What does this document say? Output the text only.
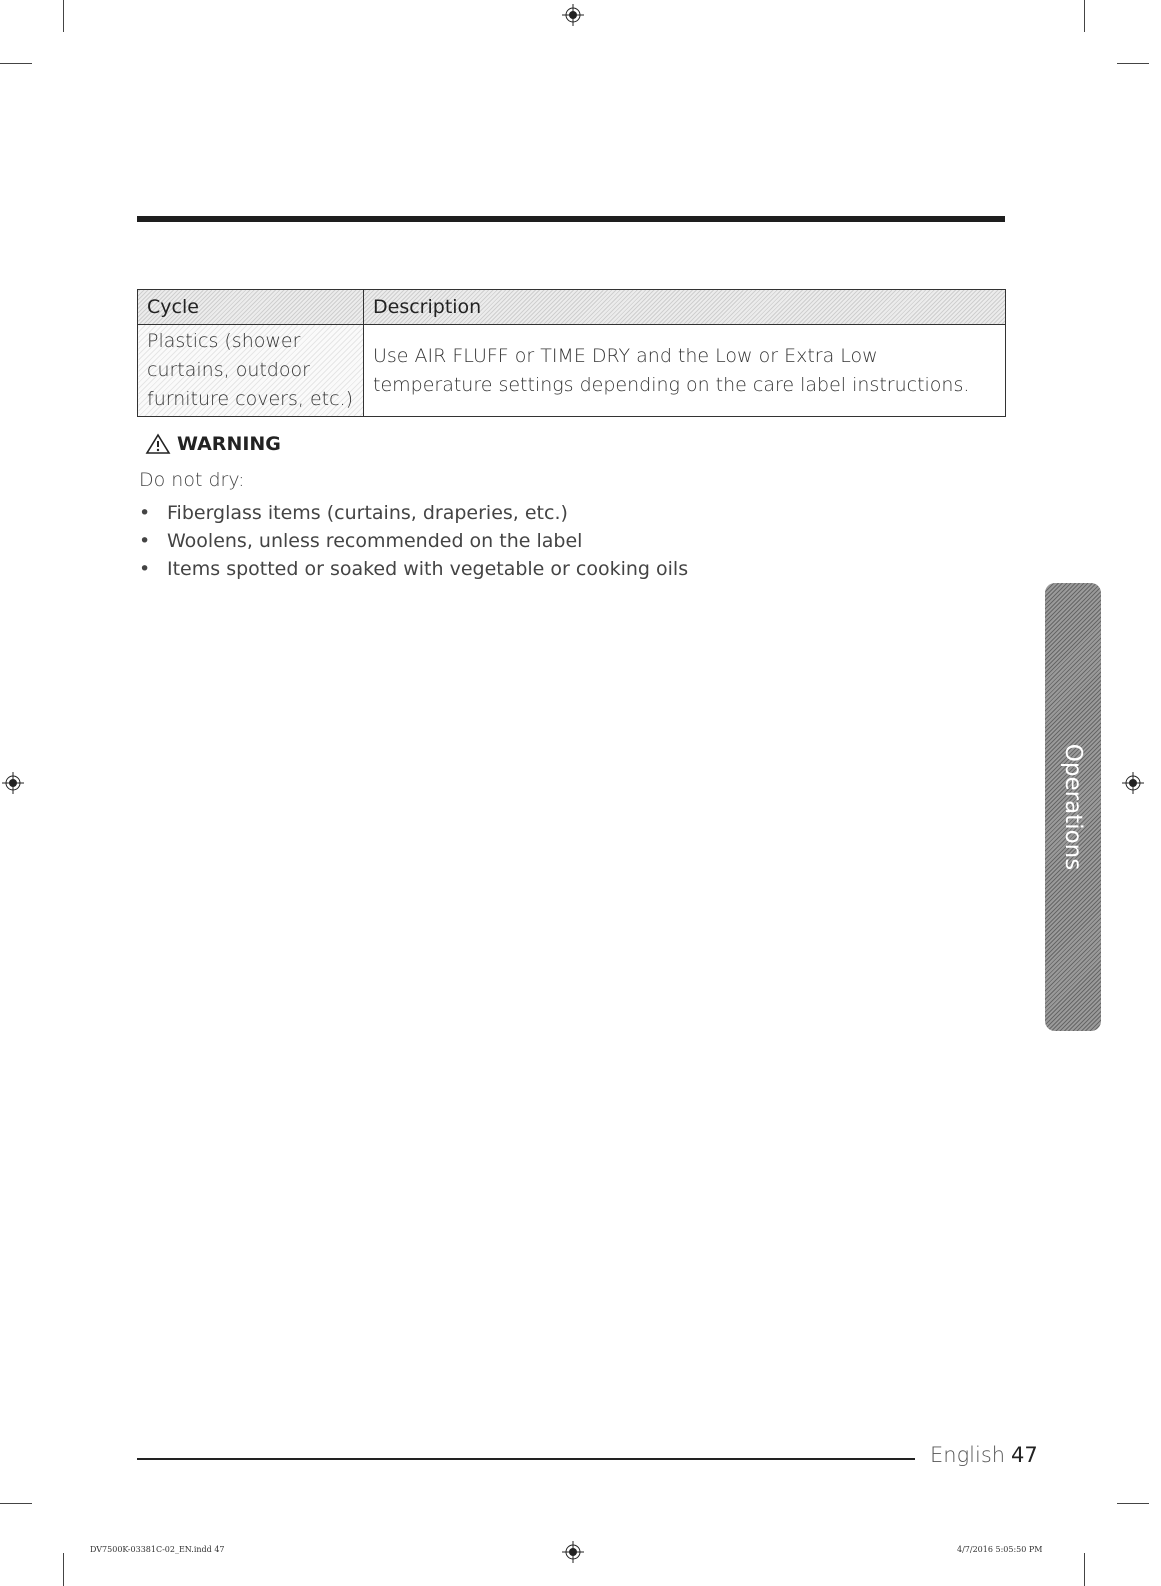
Cycle	Description
Plastics (shower curtains, outdoor furniture covers, etc.)	Use AIR FLUFF or TIME DRY and the Low or Extra Low temperature settings depending on the care label instructions.
WARNING
Do not dry:
• Fiberglass items (curtains, draperies, etc.)
• Woolens, unless recommended on the label
• Items spotted or soaked with vegetable or cooking oils
Operations
English 47
DV7500K-03381C-02_EN.indd 47	4/7/2016 5:05:50 PM
